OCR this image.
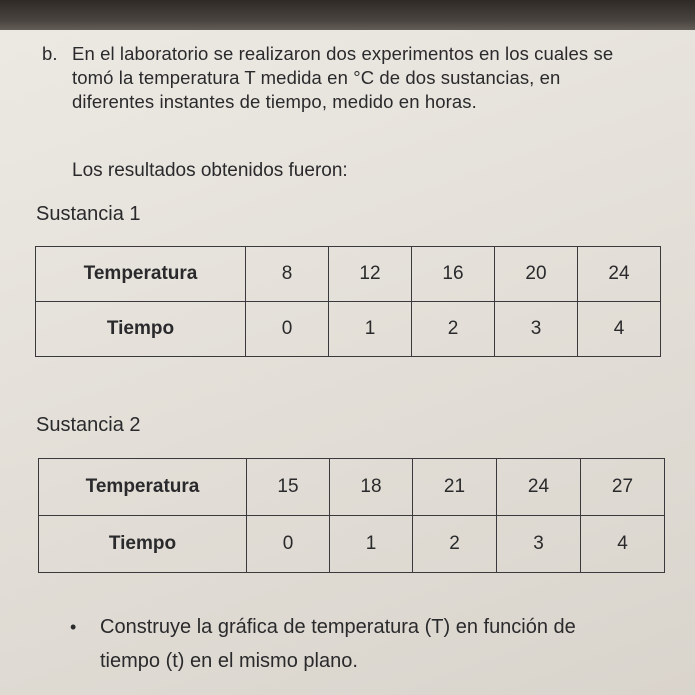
b. En el laboratorio se realizaron dos experimentos en los cuales se tomó la temperatura T medida en °C de dos sustancias, en diferentes instantes de tiempo, medido en horas.
Los resultados obtenidos fueron:
Sustancia 1
Temperatura	8	12	16	20	24
Tiempo	0	1	2	3	4
Sustancia 2
Temperatura	15	18	21	24	27
Tiempo	0	1	2	3	4
• Construye la gráfica de temperatura (T) en función de
tiempo (t) en el mismo plano.
